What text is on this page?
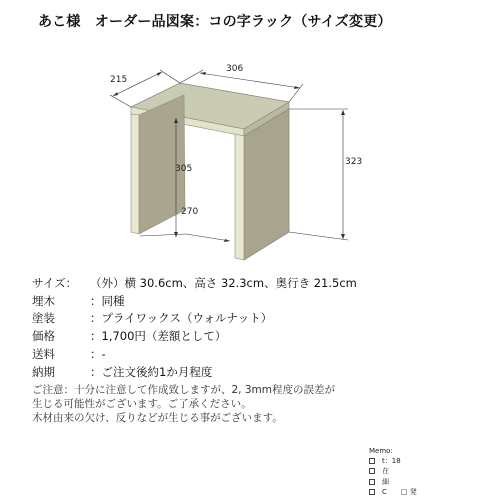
あこ様　オーダー品図案：コの字ラック（サイズ変更）
306
215
305
323
270
サイズ：	（外）横 30.6cm、高さ 32.3cm、奥行き 21.5cm
埋木	：同種
塗装	：プライワックス（ウォルナット）
価格	：1,700円（差額として）
送料	：-
納期	：ご注文後約1か月程度
ご注意：十分に注意して作成致しますが、2, 3mm程度の誤差が
生じる可能性がございます。ご了承ください。
木材由来の欠け、反りなどが生じる事がございます。
Memo:
t：18
在
細
C　　□ 発
